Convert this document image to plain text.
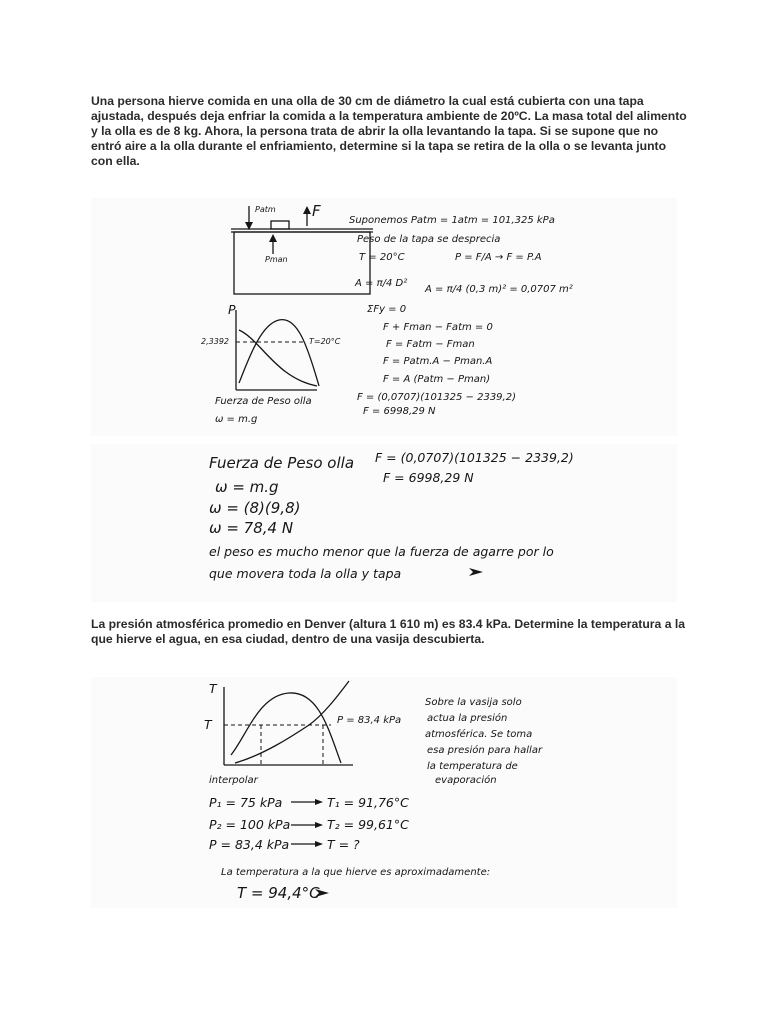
Una persona hierve comida en una olla de 30 cm de diámetro la cual está cubierta con una tapa ajustada, después deja enfriar la comida a la temperatura ambiente de 20ºC. La masa total del alimento y la olla es de 8 kg. Ahora, la persona trata de abrir la olla levantando la tapa. Si se supone que no entró aire a la olla durante el enfriamiento, determine si la tapa se retira de la olla o se levanta junto con ella.

Patm F
Pman
P
2,3392	T=20°C
Fuerza de Peso olla
ω = m.g
Suponemos Patm = 1atm = 101,325 kPa
Peso de la tapa se desprecia
T = 20°C	P = F/A → F = P.A
A = π/4 D²
A = π/4 (0,3 m)² = 0,0707 m²
ΣFy = 0
F + Fman − Fatm = 0
F = Fatm − Fman
F = Patm.A − Pman.A
F = A (Patm − Pman)
F = (0,0707)(101325 − 2339,2)
F = 6998,29 N
Fuerza de Peso olla
ω = m.g
ω = (8)(9,8)
ω = 78,4 N
F = (0,0707)(101325 − 2339,2)
F = 6998,29 N
el peso es mucho menor que la fuerza de agarre por lo
que movera toda la olla y tapa

La presión atmosférica promedio en Denver (altura 1 610 m) es 83.4 kPa. Determine la temperatura a la que hierve el agua, en esa ciudad, dentro de una vasija descubierta.

T
T	P = 83,4 kPa
Sobre la vasija solo
actua la presión
atmosférica. Se toma
esa presión para hallar
la temperatura de
evaporación
interpolar
P₁ = 75 kPa	T₁ = 91,76°C
P₂ = 100 kPa	T₂ = 99,61°C
P = 83,4 kPa	T = ?
La temperatura a la que hierve es aproximadamente:
T = 94,4°C
